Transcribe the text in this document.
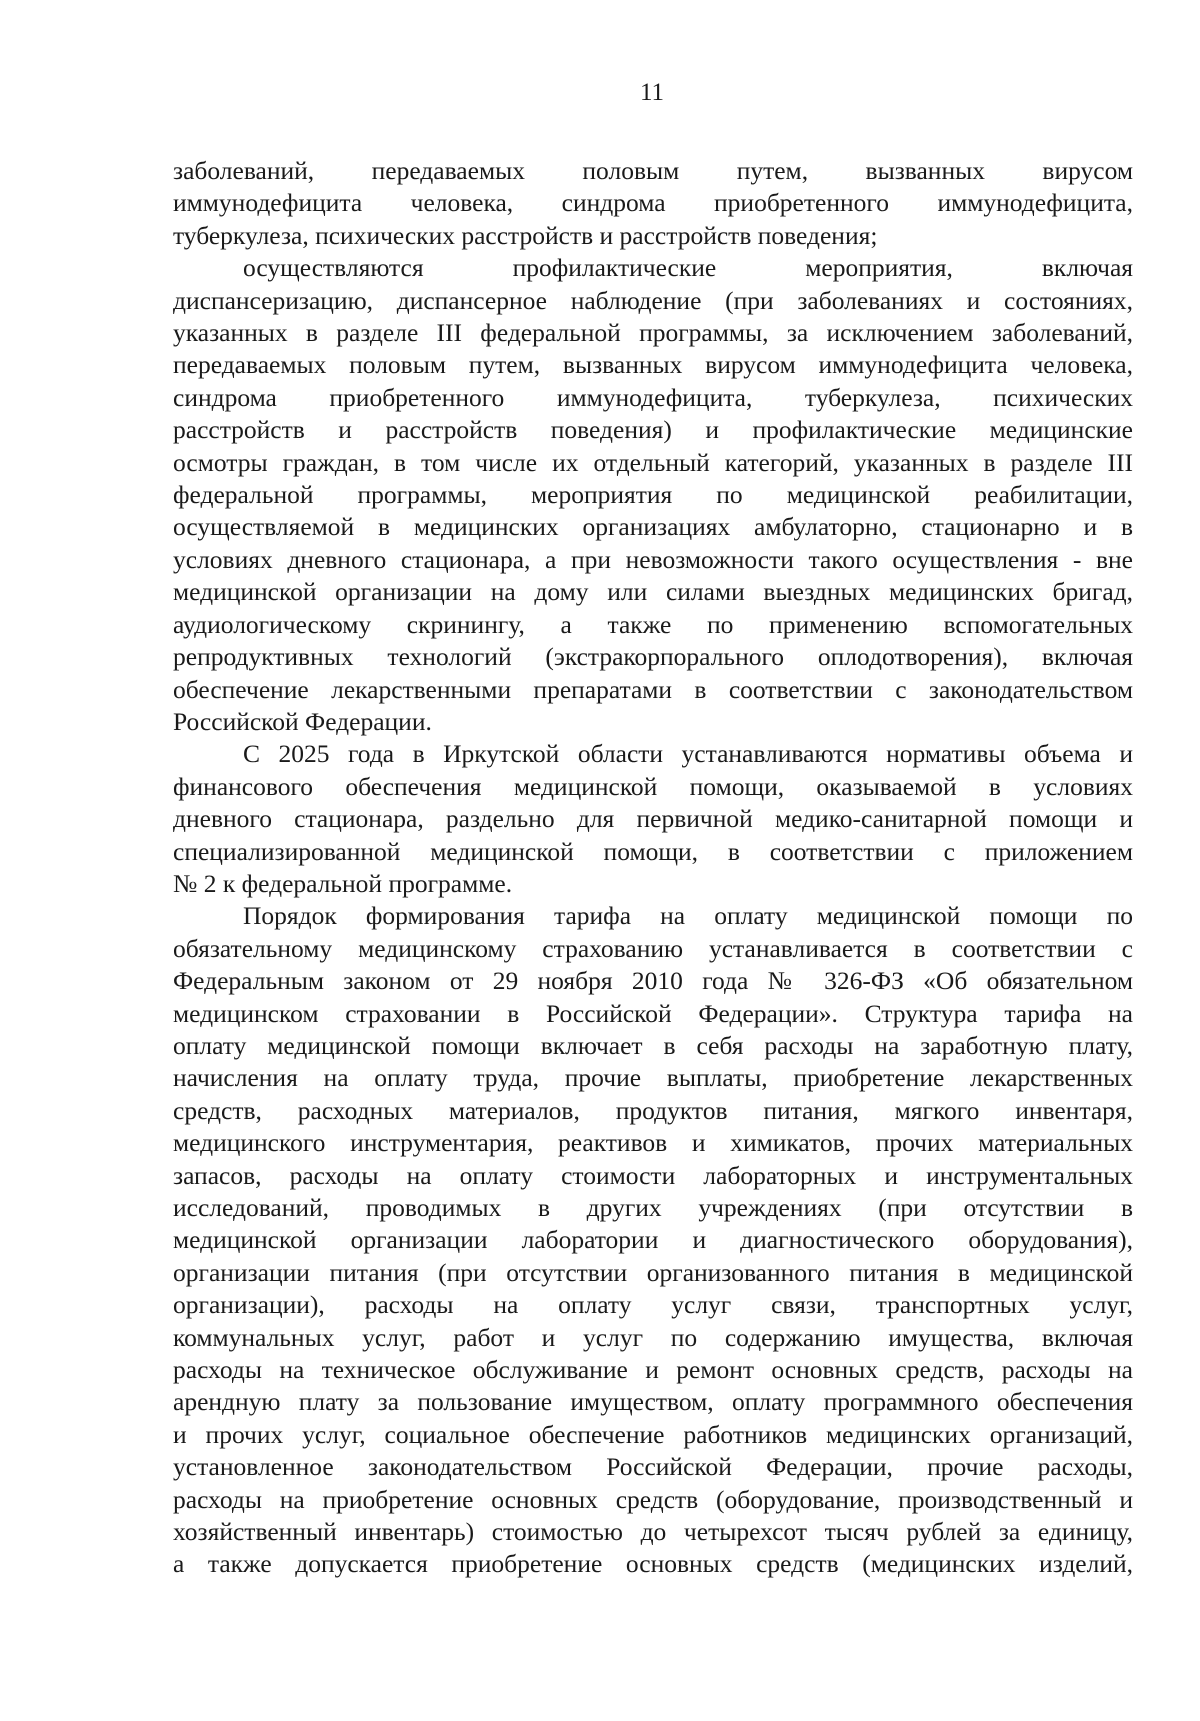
11
заболеваний, передаваемых половым путем, вызванных вирусом
иммунодефицита человека, синдрома приобретенного иммунодефицита,
туберкулеза, психических расстройств и расстройств поведения;
осуществляются профилактические мероприятия, включая
диспансеризацию, диспансерное наблюдение (при заболеваниях и состояниях,
указанных в разделе III федеральной программы, за исключением заболеваний,
передаваемых половым путем, вызванных вирусом иммунодефицита человека,
синдрома приобретенного иммунодефицита, туберкулеза, психических
расстройств и расстройств поведения) и профилактические медицинские
осмотры граждан, в том числе их отдельный категорий, указанных в разделе III
федеральной программы, мероприятия по медицинской реабилитации,
осуществляемой в медицинских организациях амбулаторно, стационарно и в
условиях дневного стационара, а при невозможности такого осуществления - вне
медицинской организации на дому или силами выездных медицинских бригад,
аудиологическому скринингу, а также по применению вспомогательных
репродуктивных технологий (экстракорпорального оплодотворения), включая
обеспечение лекарственными препаратами в соответствии с законодательством
Российской Федерации.
С 2025 года в Иркутской области устанавливаются нормативы объема и
финансового обеспечения медицинской помощи, оказываемой в условиях
дневного стационара, раздельно для первичной медико-санитарной помощи и
специализированной медицинской помощи, в соответствии с приложением
№ 2 к федеральной программе.
Порядок формирования тарифа на оплату медицинской помощи по
обязательному медицинскому страхованию устанавливается в соответствии с
Федеральным законом от 29 ноября 2010 года № 326-ФЗ «Об обязательном
медицинском страховании в Российской Федерации». Структура тарифа на
оплату медицинской помощи включает в себя расходы на заработную плату,
начисления на оплату труда, прочие выплаты, приобретение лекарственных
средств, расходных материалов, продуктов питания, мягкого инвентаря,
медицинского инструментария, реактивов и химикатов, прочих материальных
запасов, расходы на оплату стоимости лабораторных и инструментальных
исследований, проводимых в других учреждениях (при отсутствии в
медицинской организации лаборатории и диагностического оборудования),
организации питания (при отсутствии организованного питания в медицинской
организации), расходы на оплату услуг связи, транспортных услуг,
коммунальных услуг, работ и услуг по содержанию имущества, включая
расходы на техническое обслуживание и ремонт основных средств, расходы на
арендную плату за пользование имуществом, оплату программного обеспечения
и прочих услуг, социальное обеспечение работников медицинских организаций,
установленное законодательством Российской Федерации, прочие расходы,
расходы на приобретение основных средств (оборудование, производственный и
хозяйственный инвентарь) стоимостью до четырехсот тысяч рублей за единицу,
а также допускается приобретение основных средств (медицинских изделий,
